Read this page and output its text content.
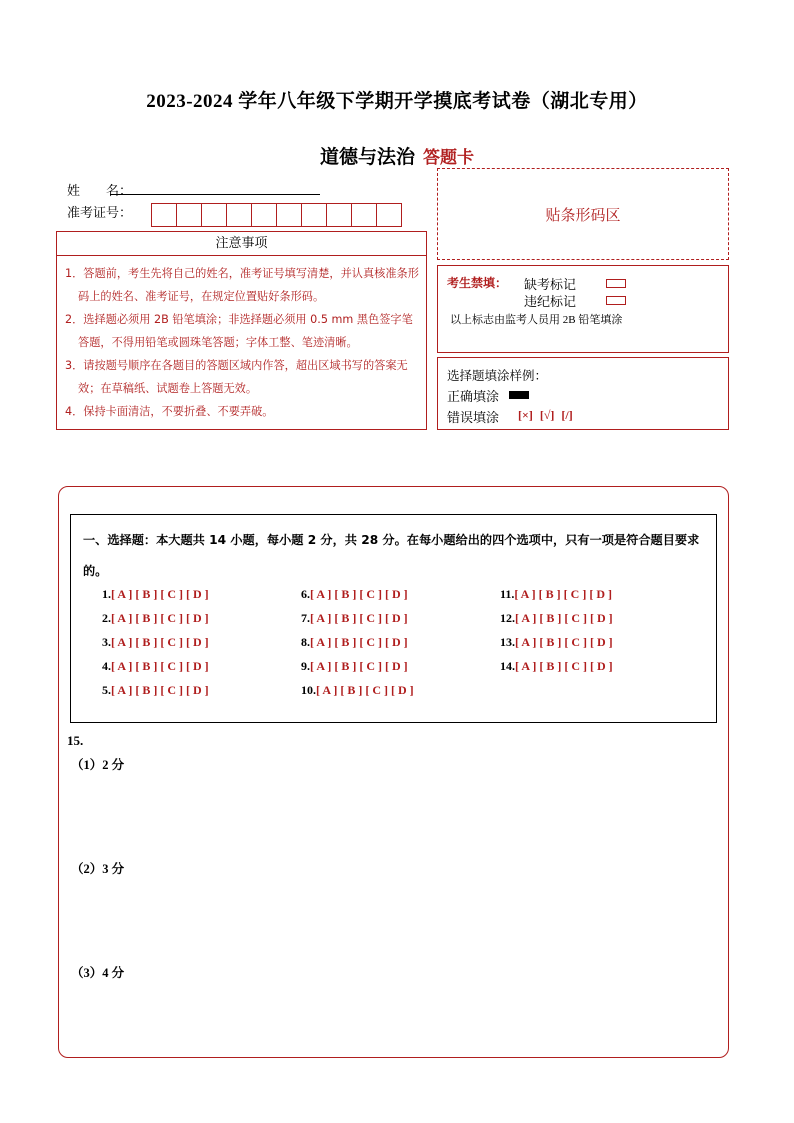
2023-2024 学年八年级下学期开学摸底考试卷（湖北专用）
道德与法治 答题卡
姓　　名：
准考证号：	贴条形码区
注意事项
1．答题前，考生先将自己的姓名，准考证号填写清楚，并认真核准条形码上的姓名、准考证号，在规定位置贴好条形码。
2．选择题必须用 2B 铅笔填涂；非选择题必须用 0.5 mm 黑色签字笔答题，不得用铅笔或圆珠笔答题；字体工整、笔迹清晰。
3．请按题号顺序在各题目的答题区域内作答，超出区域书写的答案无效；在草稿纸、试题卷上答题无效。
4．保持卡面清洁，不要折叠、不要弄破。
考生禁填： 缺考标记
违纪标记
以上标志由监考人员用 2B 铅笔填涂
选择题填涂样例：
正确填涂
错误填涂 [×] [√] [/]
一、选择题：本大题共 14 小题，每小题 2 分，共 28 分。在每小题给出的四个选项中，只有一项是符合题目要求的。
1.[ A ] [ B ] [ C ] [ D ]
2.[ A ] [ B ] [ C ] [ D ]
3.[ A ] [ B ] [ C ] [ D ]
4.[ A ] [ B ] [ C ] [ D ]
5.[ A ] [ B ] [ C ] [ D ]
6.[ A ] [ B ] [ C ] [ D ]
7.[ A ] [ B ] [ C ] [ D ]
8.[ A ] [ B ] [ C ] [ D ]
9.[ A ] [ B ] [ C ] [ D ]
10.[ A ] [ B ] [ C ] [ D ]
11.[ A ] [ B ] [ C ] [ D ]
12.[ A ] [ B ] [ C ] [ D ]
13.[ A ] [ B ] [ C ] [ D ]
14.[ A ] [ B ] [ C ] [ D ]
15.
（1）2 分
（2）3 分
（3）4 分
